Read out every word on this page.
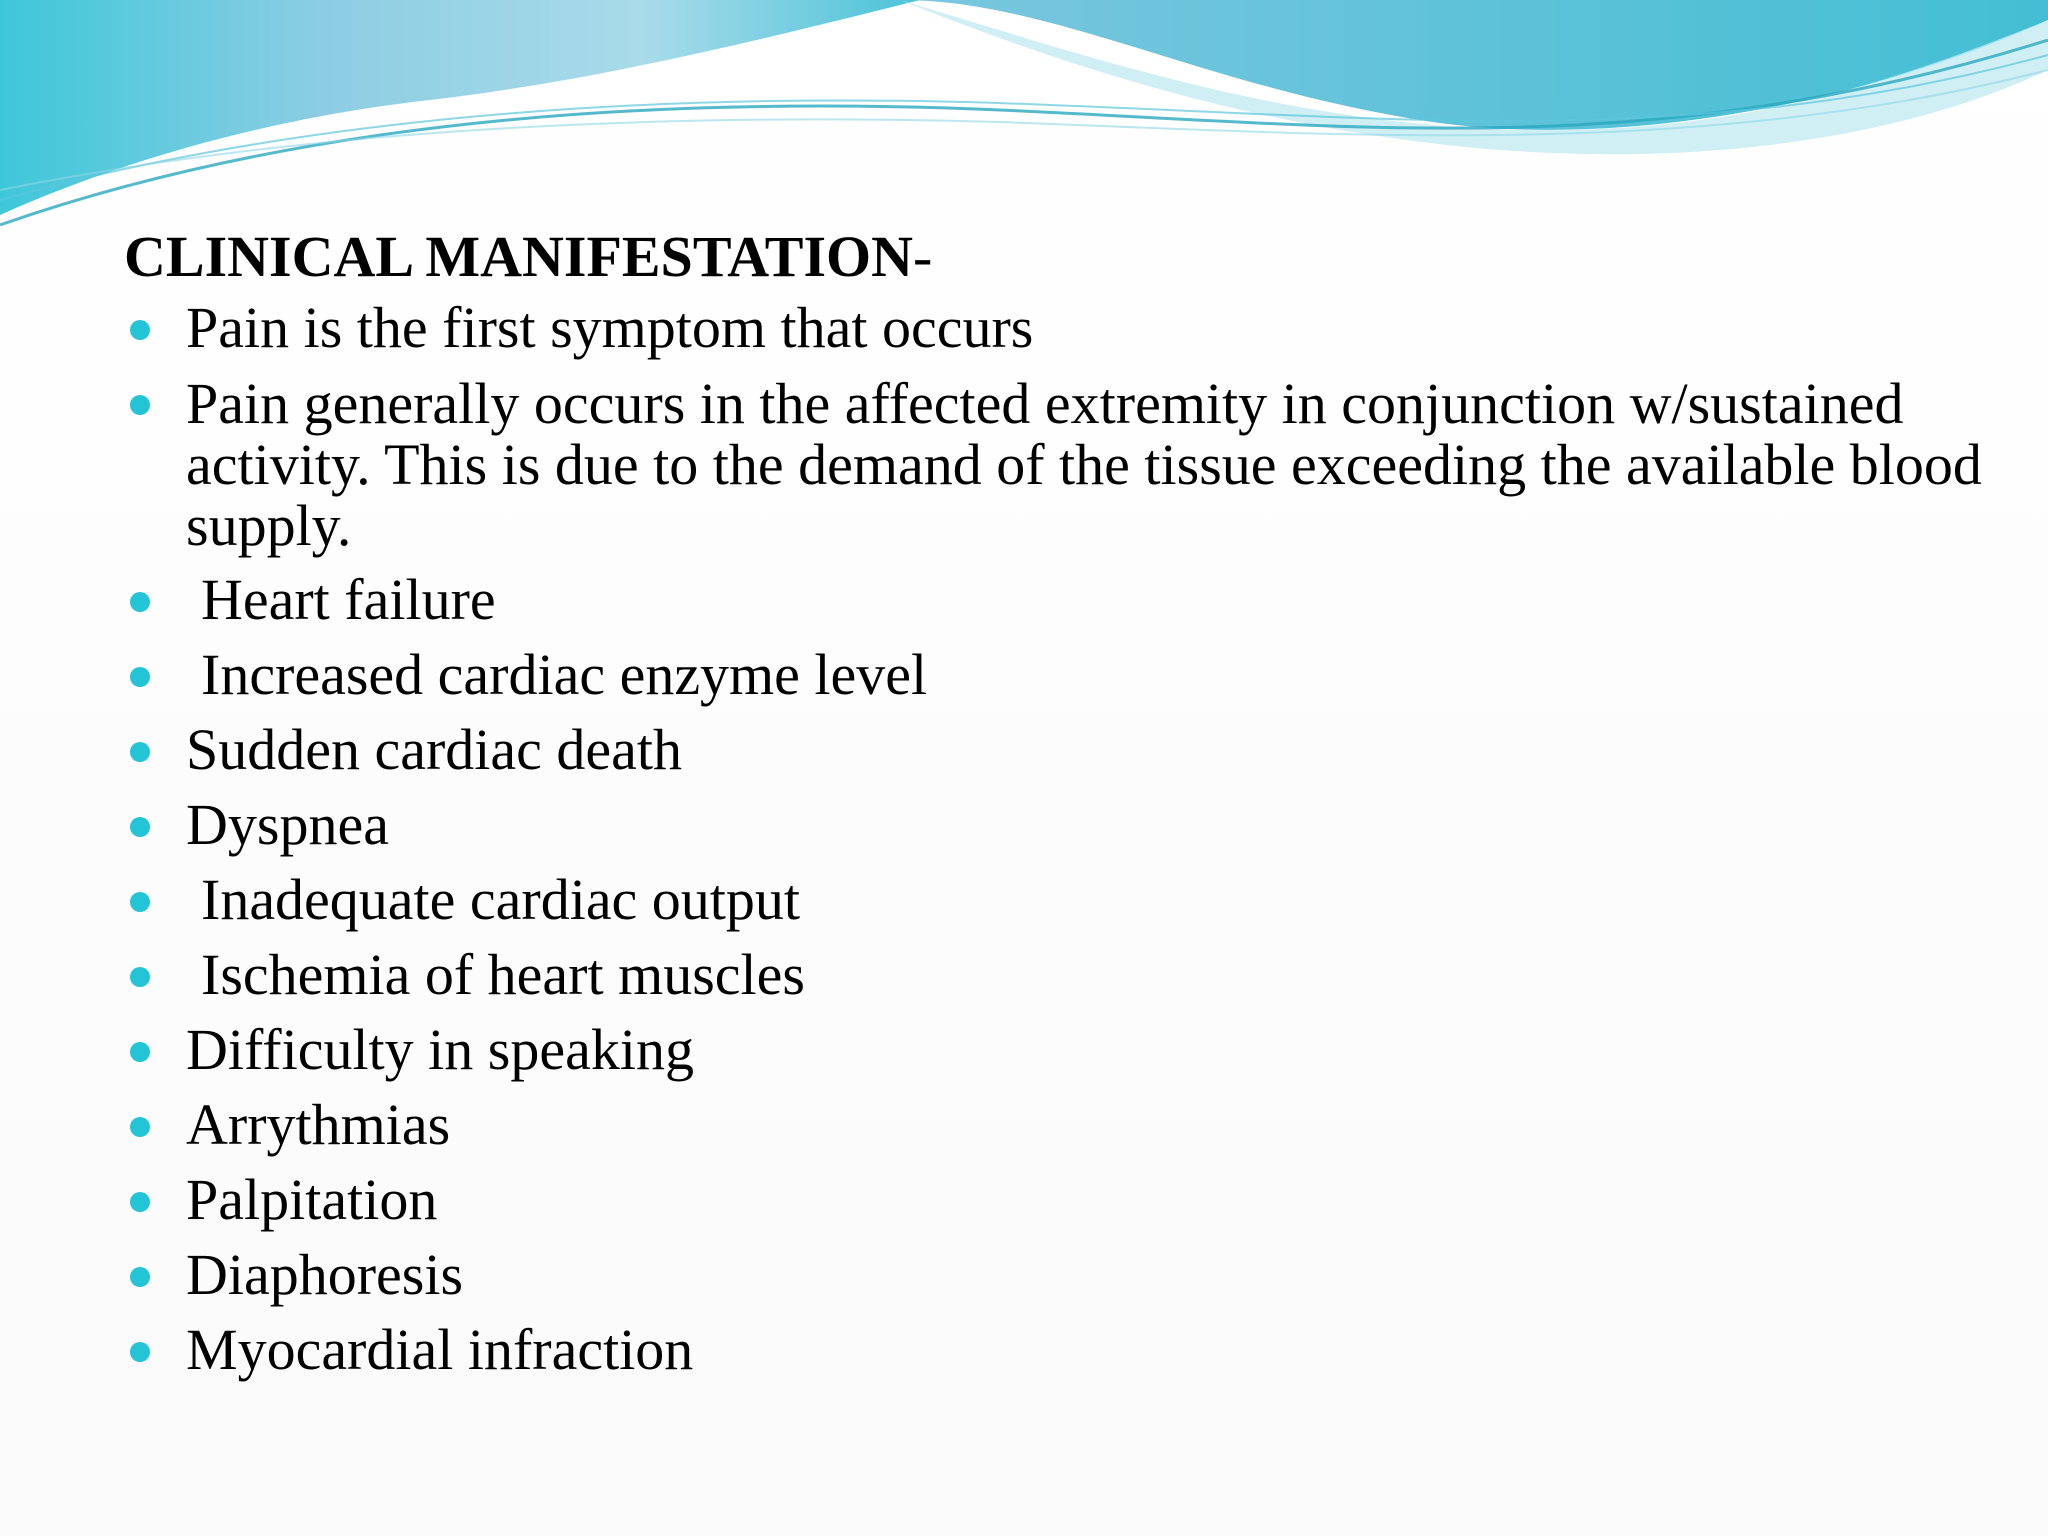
CLINICAL MANIFESTATION-
Pain is the first symptom that occurs
Pain generally occurs in the affected extremity in conjunction w/sustained activity. This is due to the demand of the tissue exceeding the available blood supply.
Heart failure
Increased cardiac enzyme level
Sudden cardiac death
Dyspnea
Inadequate cardiac output
Ischemia of heart muscles
Difficulty in speaking
Arrythmias
Palpitation
Diaphoresis
Myocardial infraction
